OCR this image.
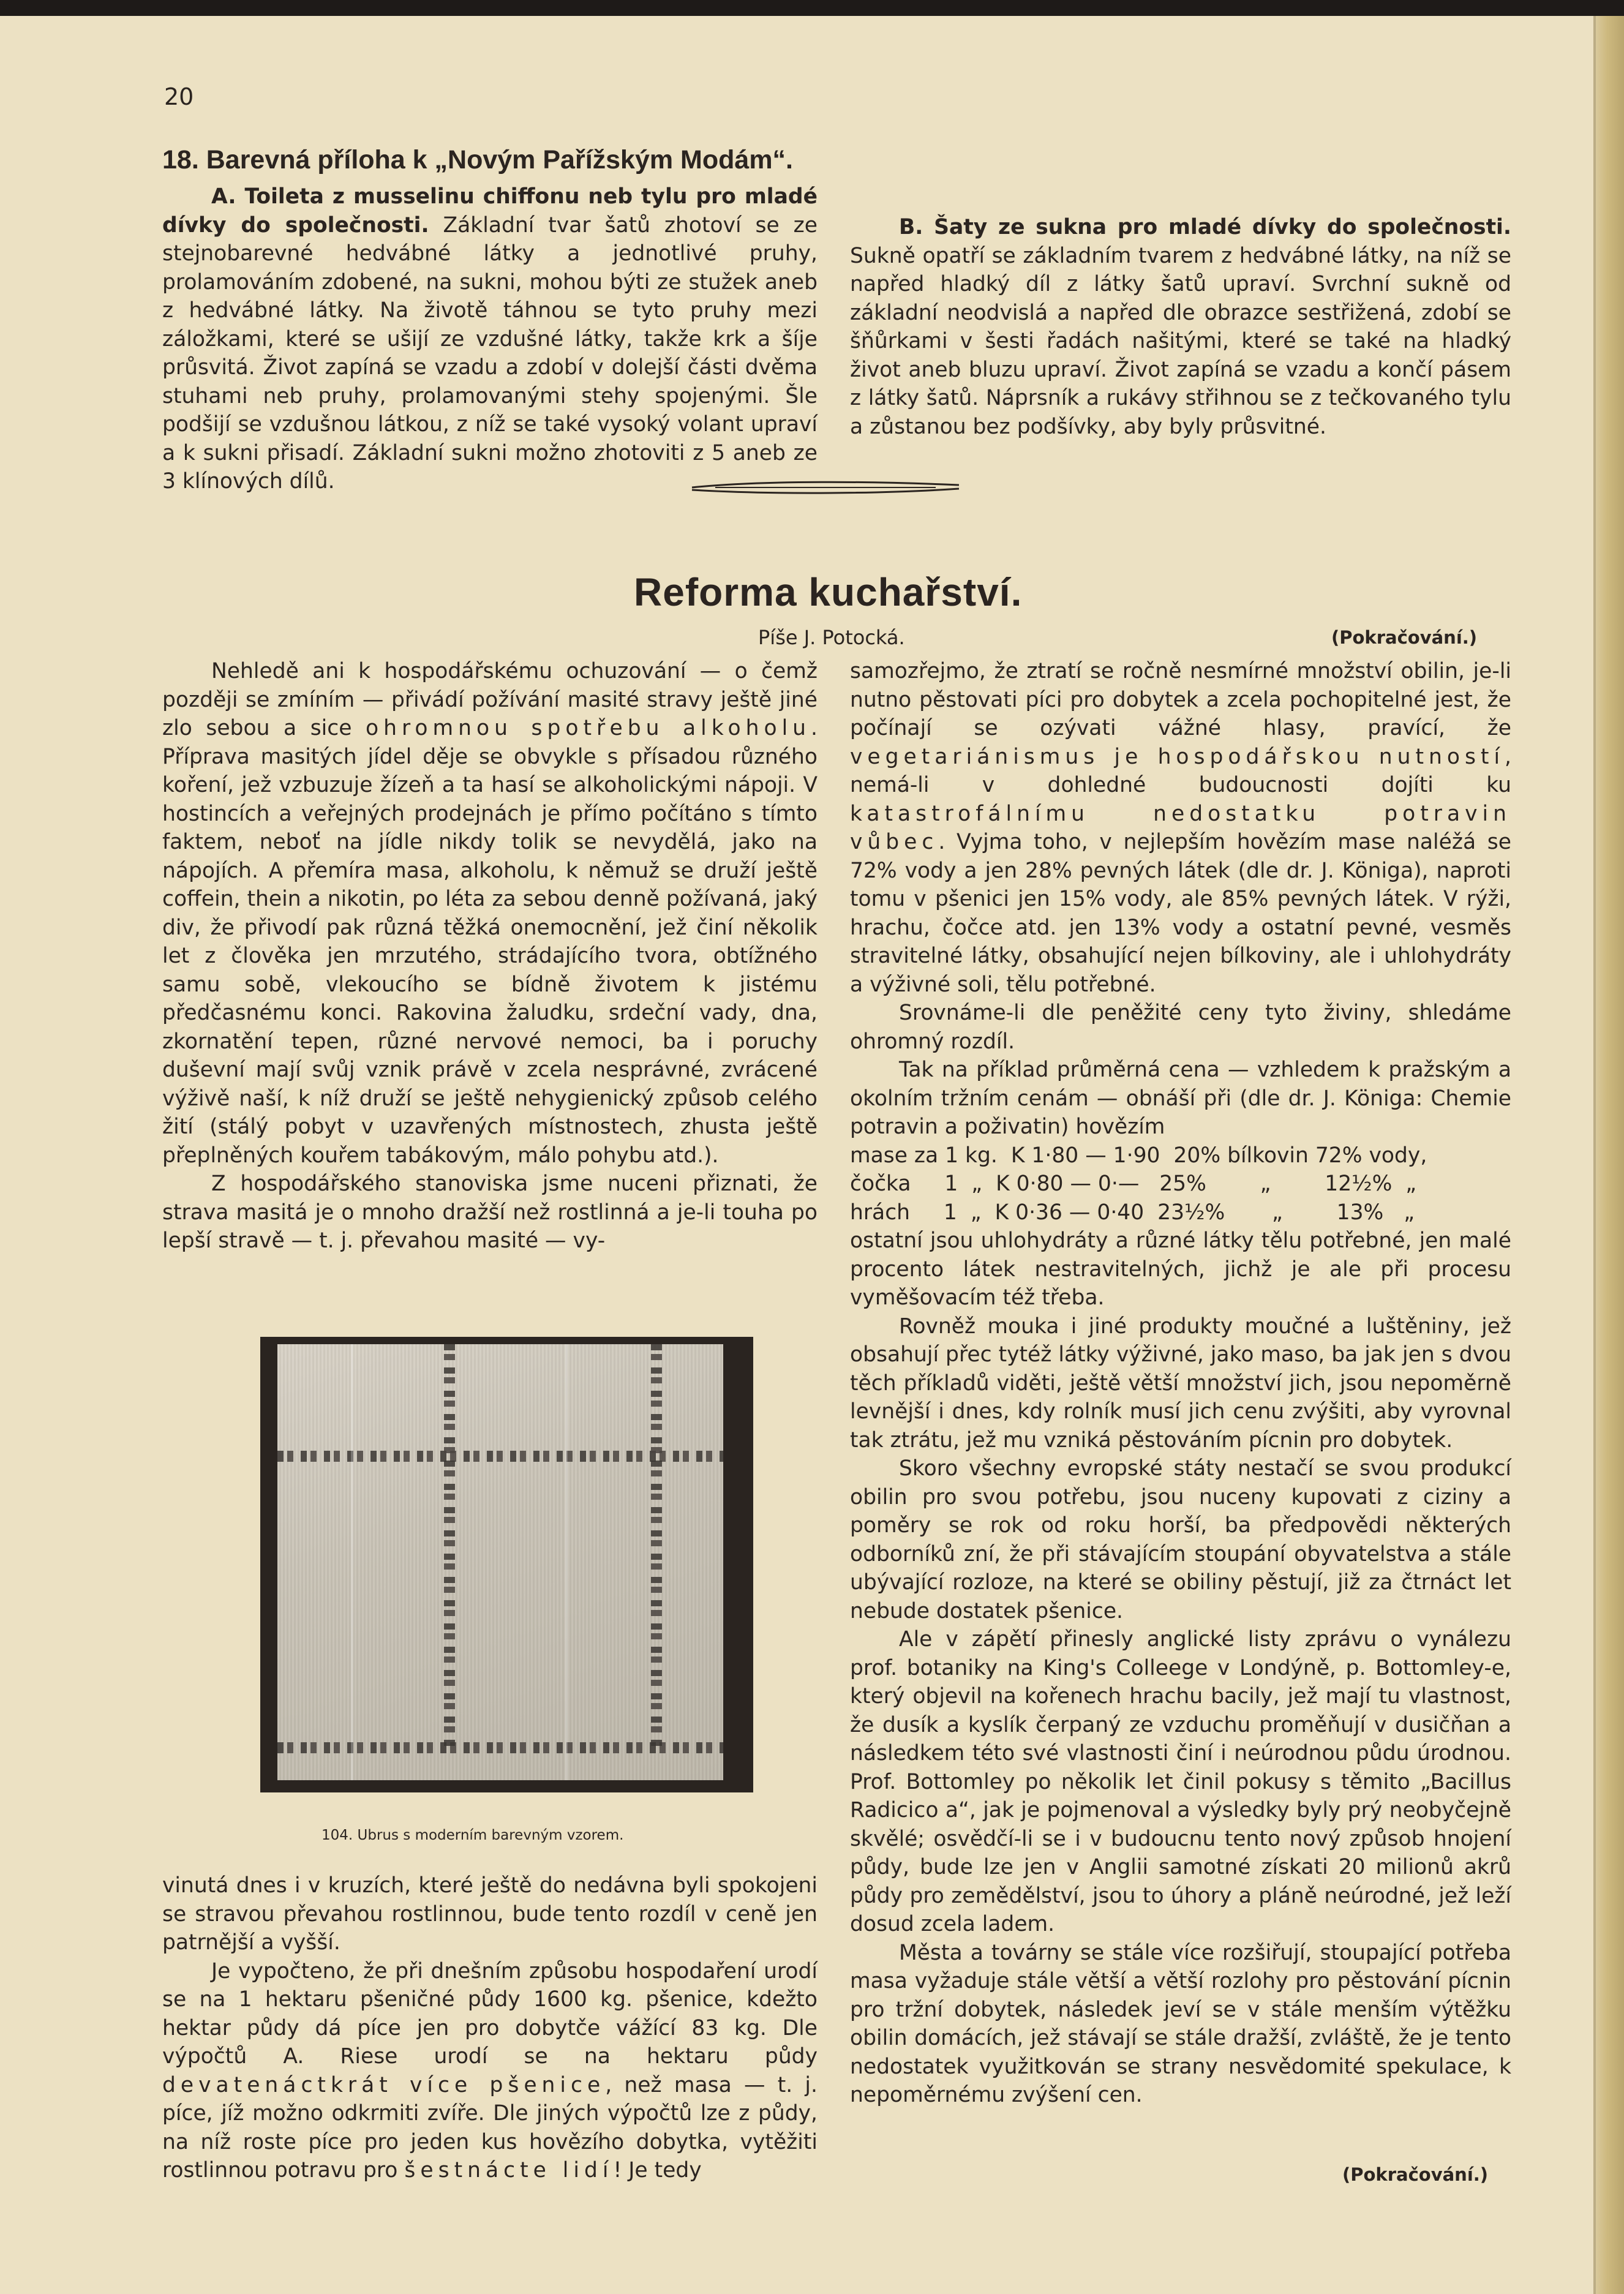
20

18. Barevná příloha k „Novým Pařížským Modám“.

A. Toileta z musselinu chiffonu neb tylu pro mladé dívky do společnosti. Základní tvar šatů zhotoví se ze stejnobarevné hedvábné látky a jednotlivé pruhy, prolamováním zdobené, na sukni, mohou býti ze stužek aneb z hedvábné látky. Na životě táhnou se tyto pruhy mezi záložkami, které se ušijí ze vzdušné látky, takže krk a šíje průsvitá. Život zapíná se vzadu a zdobí v dolejší části dvěma stuhami neb pruhy, prolamovanými stehy spojenými. Šle podšijí se vzdušnou látkou, z níž se také vysoký volant upraví a k sukni přisadí. Základní sukni možno zhotoviti z 5 aneb ze 3 klínových dílů.

B. Šaty ze sukna pro mladé dívky do společnosti. Sukně opatří se základním tvarem z hedvábné látky, na níž se napřed hladký díl z látky šatů upraví. Svrchní sukně od základní neodvislá a napřed dle obrazce sestřižená, zdobí se šňůrkami v šesti řadách našitými, které se také na hladký život aneb bluzu upraví. Život zapíná se vzadu a končí pásem z látky šatů. Náprsník a rukávy střihnou se z tečkovaného tylu a zůstanou bez podšívky, aby byly průsvitné.

Reforma kuchařství.
Píše J. Potocká.	(Pokračování.)

Nehledě ani k hospodářskému ochuzování — o čemž později se zmíním — přivádí požívání masité stravy ještě jiné zlo sebou a sice ohromnou spotřebu alkoholu. Příprava masitých jídel děje se obvykle s přísadou různého koření, jež vzbuzuje žízeň a ta hasí se alkoholickými nápoji. V hostincích a veřejných prodejnách je přímo počítáno s tímto faktem, neboť na jídle nikdy tolik se nevydělá, jako na nápojích. A přemíra masa, alkoholu, k němuž se druží ještě coffein, thein a nikotin, po léta za sebou denně požívaná, jaký div, že přivodí pak různá těžká onemocnění, jež činí několik let z člověka jen mrzutého, strádajícího tvora, obtížného samu sobě, vlekoucího se bídně životem k jistému předčasnému konci. Rakovina žaludku, srdeční vady, dna, zkornatění tepen, různé nervové nemoci, ba i poruchy duševní mají svůj vznik právě v zcela nesprávné, zvrácené výživě naší, k níž druží se ještě nehygienický způsob celého žití (stálý pobyt v uzavřených místnostech, zhusta ještě přeplněných kouřem tabákovým, málo pohybu atd.).

Z hospodářského stanoviska jsme nuceni přiznati, že strava masitá je o mnoho dražší než rostlinná a je-li touha po lepší stravě — t. j. převahou masité — vy-

104. Ubrus s moderním barevným vzorem.

vinutá dnes i v kruzích, které ještě do nedávna byli spokojeni se stravou převahou rostlinnou, bude tento rozdíl v ceně jen patrnější a vyšší.

Je vypočteno, že při dnešním způsobu hospodaření urodí se na 1 hektaru pšeničné půdy 1600 kg. pšenice, kdežto hektar půdy dá píce jen pro dobytče vážící 83 kg. Dle výpočtů A. Riese urodí se na hektaru půdy devatenáctkrát více pšenice, než masa — t. j. píce, jíž možno odkrmiti zvíře. Dle jiných výpočtů lze z půdy, na níž roste píce pro jeden kus hovězího dobytka, vytěžiti rostlinnou potravu pro šestnácte lidí! Je tedy

samozřejmo, že ztratí se ročně nesmírné množství obilin, je-li nutno pěstovati píci pro dobytek a zcela pochopitelné jest, že počínají se ozývati vážné hlasy, pravící, že vegetariánismus je hospodářskou nutností, nemá-li v dohledné budoucnosti dojíti ku katastrofálnímu nedostatku potravin vůbec. Vyjma toho, v nejlepším hovězím mase naléžá se 72% vody a jen 28% pevných látek (dle dr. J. Königa), naproti tomu v pšenici jen 15% vody, ale 85% pevných látek. V rýži, hrachu, čočce atd. jen 13% vody a ostatní pevné, vesměs stravitelné látky, obsahující nejen bílkoviny, ale i uhlohydráty a výživné soli, tělu potřebné.

Srovnáme-li dle peněžité ceny tyto živiny, shledáme ohromný rozdíl.

Tak na příklad průměrná cena — vzhledem k pražským a okolním tržním cenám — obnáší při (dle dr. J. Königa: Chemie potravin a poživatin) hovězím

mase za 1 kg.  K 1·80 — 1·90  20% bílkovin 72% vody,
čočka     1  „  K 0·80 — 0·—   25%        „        12½%  „
hrách     1  „  K 0·36 — 0·40  23½%       „        13%   „

ostatní jsou uhlohydráty a různé látky tělu potřebné, jen malé procento látek nestravitelných, jichž je ale při procesu vyměšovacím též třeba.

Rovněž mouka i jiné produkty moučné a luštěniny, jež obsahují přec tytéž látky výživné, jako maso, ba jak jen s dvou těch příkladů viděti, ještě větší množství jich, jsou nepoměrně levnější i dnes, kdy rolník musí jich cenu zvýšiti, aby vyrovnal tak ztrátu, jež mu vzniká pěstováním pícnin pro dobytek.

Skoro všechny evropské státy nestačí se svou produkcí obilin pro svou potřebu, jsou nuceny kupovati z ciziny a poměry se rok od roku horší, ba předpovědi některých odborníků zní, že při stávajícím stoupání obyvatelstva a stále ubývající rozloze, na které se obiliny pěstují, již za čtrnáct let nebude dostatek pšenice.

Ale v zápětí přinesly anglické listy zprávu o vynálezu prof. botaniky na King's Colleege v Londýně, p. Bottomley-e, který objevil na kořenech hrachu bacily, jež mají tu vlastnost, že dusík a kyslík čerpaný ze vzduchu proměňují v dusičňan a následkem této své vlastnosti činí i neúrodnou půdu úrodnou. Prof. Bottomley po několik let činil pokusy s těmito „Bacillus Radicico a“, jak je pojmenoval a výsledky byly prý neobyčejně skvělé; osvědčí-li se i v budoucnu tento nový způsob hnojení půdy, bude lze jen v Anglii samotné získati 20 milionů akrů půdy pro zemědělství, jsou to úhory a pláně neúrodné, jež leží dosud zcela ladem.

Města a továrny se stále více rozšiřují, stoupající potřeba masa vyžaduje stále větší a větší rozlohy pro pěstování pícnin pro tržní dobytek, následek jeví se v stále menším výtěžku obilin domácích, jež stávají se stále dražší, zvláště, že je tento nedostatek využitkován se strany nesvědomité spekulace, k nepoměrnému zvýšení cen.

(Pokračování.)
